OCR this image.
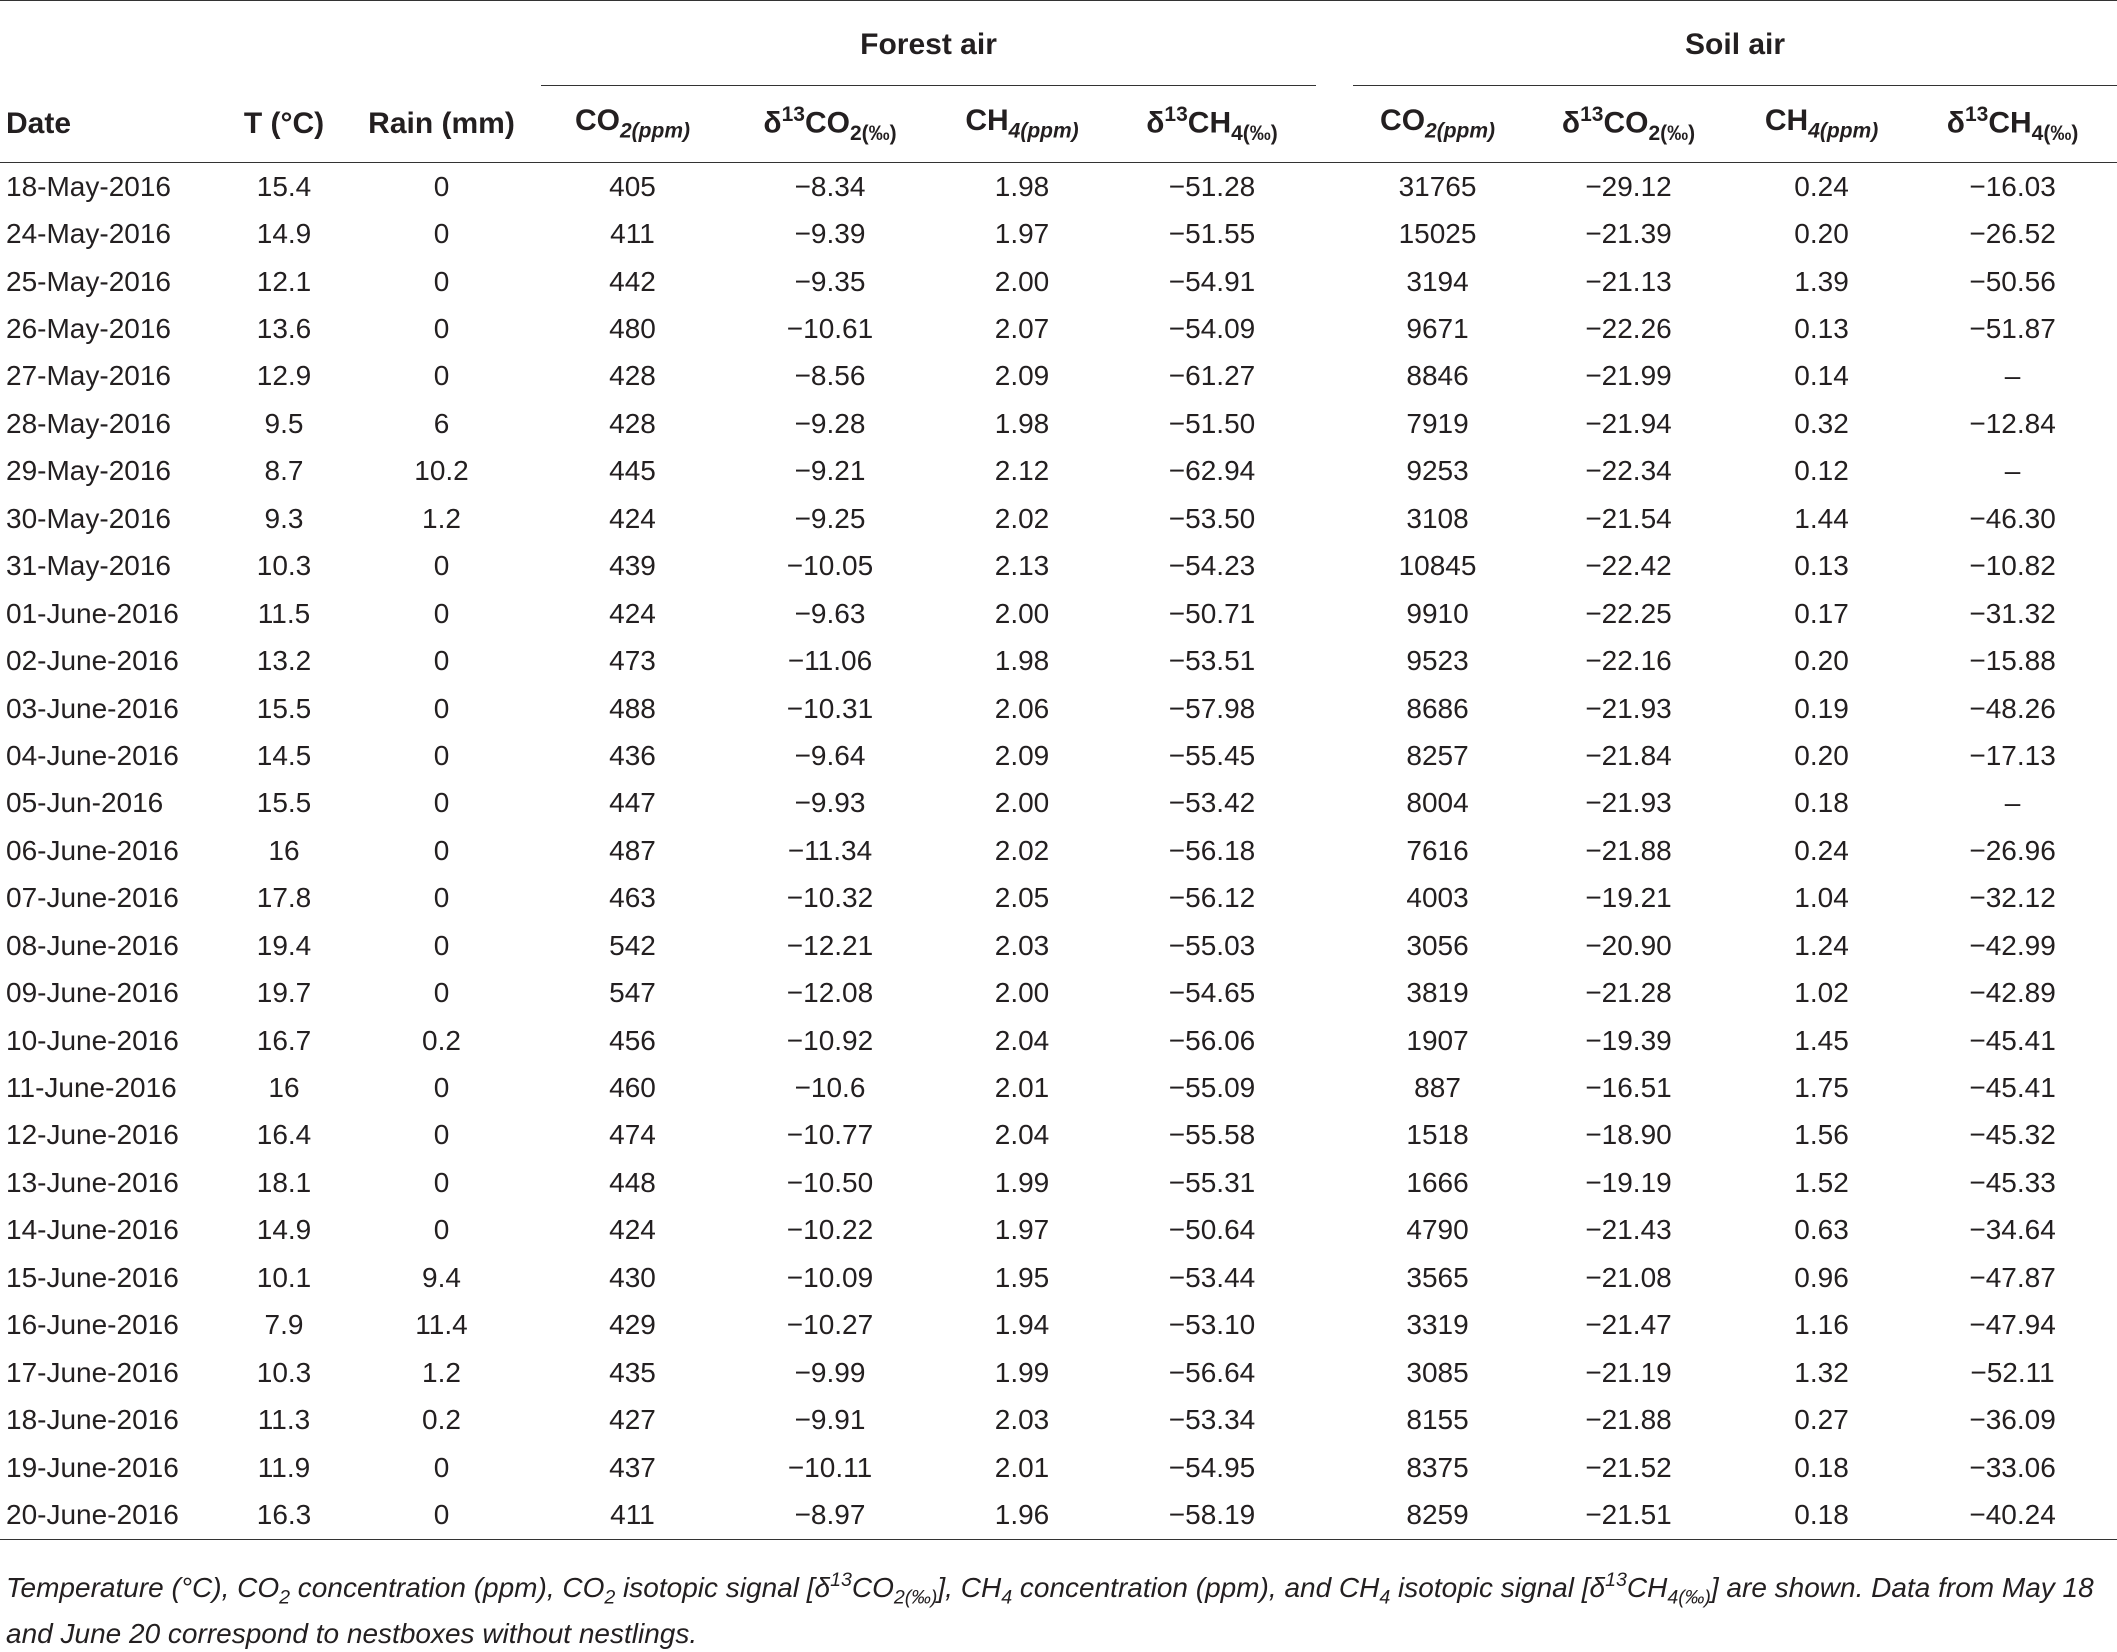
				Forest air					Soil air			
Date	T (°C)	Rain (mm)		$CO_{2(ppm)}$	$\delta^{13}CO_{2(‰)}$	$CH_{4(ppm)}$	$\delta^{13}CH_{4(‰)}$		$CO_{2(ppm)}$	$\delta^{13}CO_{2(‰)}$	$CH_{4(ppm)}$	$\delta^{13}CH_{4(‰)}$
18-May-2016	15.4	0		405	−8.34	1.98	−51.28		31765	−29.12	0.24	−16.03
24-May-2016	14.9	0		411	−9.39	1.97	−51.55		15025	−21.39	0.20	−26.52
25-May-2016	12.1	0		442	−9.35	2.00	−54.91		3194	−21.13	1.39	−50.56
26-May-2016	13.6	0		480	−10.61	2.07	−54.09		9671	−22.26	0.13	−51.87
27-May-2016	12.9	0		428	−8.56	2.09	−61.27		8846	−21.99	0.14	–
28-May-2016	9.5	6		428	−9.28	1.98	−51.50		7919	−21.94	0.32	−12.84
29-May-2016	8.7	10.2		445	−9.21	2.12	−62.94		9253	−22.34	0.12	–
30-May-2016	9.3	1.2		424	−9.25	2.02	−53.50		3108	−21.54	1.44	−46.30
31-May-2016	10.3	0		439	−10.05	2.13	−54.23		10845	−22.42	0.13	−10.82
01-June-2016	11.5	0		424	−9.63	2.00	−50.71		9910	−22.25	0.17	−31.32
02-June-2016	13.2	0		473	−11.06	1.98	−53.51		9523	−22.16	0.20	−15.88
03-June-2016	15.5	0		488	−10.31	2.06	−57.98		8686	−21.93	0.19	−48.26
04-June-2016	14.5	0		436	−9.64	2.09	−55.45		8257	−21.84	0.20	−17.13
05-Jun-2016	15.5	0		447	−9.93	2.00	−53.42		8004	−21.93	0.18	–
06-June-2016	16	0		487	−11.34	2.02	−56.18		7616	−21.88	0.24	−26.96
07-June-2016	17.8	0		463	−10.32	2.05	−56.12		4003	−19.21	1.04	−32.12
08-June-2016	19.4	0		542	−12.21	2.03	−55.03		3056	−20.90	1.24	−42.99
09-June-2016	19.7	0		547	−12.08	2.00	−54.65		3819	−21.28	1.02	−42.89
10-June-2016	16.7	0.2		456	−10.92	2.04	−56.06		1907	−19.39	1.45	−45.41
11-June-2016	16	0		460	−10.6	2.01	−55.09		887	−16.51	1.75	−45.41
12-June-2016	16.4	0		474	−10.77	2.04	−55.58		1518	−18.90	1.56	−45.32
13-June-2016	18.1	0		448	−10.50	1.99	−55.31		1666	−19.19	1.52	−45.33
14-June-2016	14.9	0		424	−10.22	1.97	−50.64		4790	−21.43	0.63	−34.64
15-June-2016	10.1	9.4		430	−10.09	1.95	−53.44		3565	−21.08	0.96	−47.87
16-June-2016	7.9	11.4		429	−10.27	1.94	−53.10		3319	−21.47	1.16	−47.94
17-June-2016	10.3	1.2		435	−9.99	1.99	−56.64		3085	−21.19	1.32	−52.11
18-June-2016	11.3	0.2		427	−9.91	2.03	−53.34		8155	−21.88	0.27	−36.09
19-June-2016	11.9	0		437	−10.11	2.01	−54.95		8375	−21.52	0.18	−33.06
20-June-2016	16.3	0		411	−8.97	1.96	−58.19		8259	−21.51	0.18	−40.24
Temperature (°C), $CO_2$ concentration (ppm), $CO_2$ isotopic signal $[\delta^{13}CO_{2(‰)}]$, $CH_4$ concentration (ppm), and $CH_4$ isotopic signal $[\delta^{13}CH_{4(‰)}]$ are shown. Data from May 18 and June 20 correspond to nestboxes without nestlings.
